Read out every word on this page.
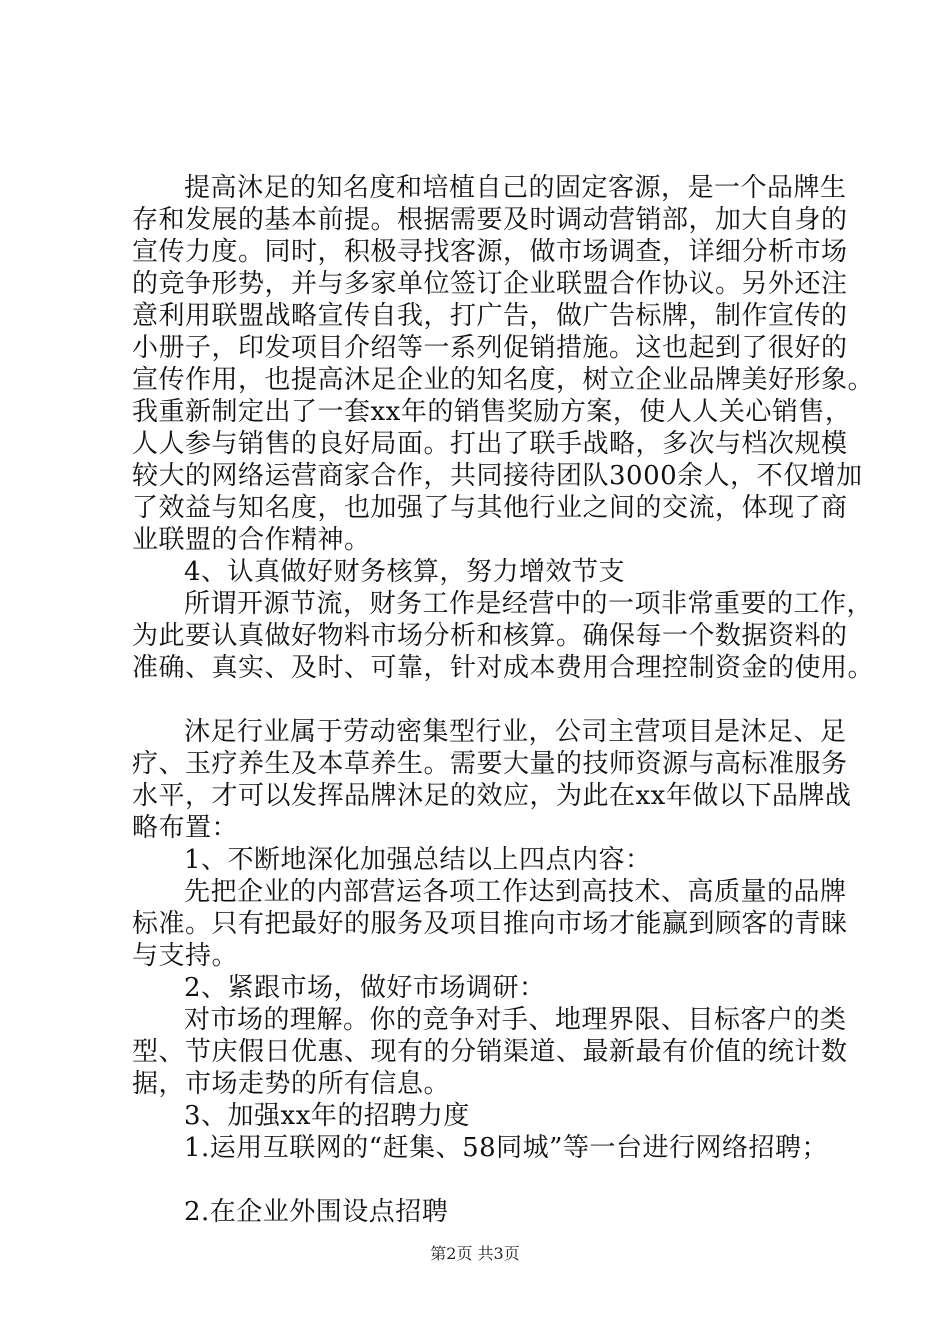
提高沐足的知名度和培植自己的固定客源，是一个品牌生
存和发展的基本前提。根据需要及时调动营销部，加大自身的
宣传力度。同时，积极寻找客源，做市场调查，详细分析市场
的竞争形势，并与多家单位签订企业联盟合作协议。另外还注
意利用联盟战略宣传自我，打广告，做广告标牌，制作宣传的
小册子，印发项目介绍等一系列促销措施。这也起到了很好的
宣传作用，也提高沐足企业的知名度，树立企业品牌美好形象。
我重新制定出了一套xx年的销售奖励方案，使人人关心销售，
人人参与销售的良好局面。打出了联手战略，多次与档次规模
较大的网络运营商家合作，共同接待团队3000余人，不仅增加
了效益与知名度，也加强了与其他行业之间的交流，体现了商
业联盟的合作精神。
4、认真做好财务核算，努力增效节支
所谓开源节流，财务工作是经营中的一项非常重要的工作，
为此要认真做好物料市场分析和核算。确保每一个数据资料的
准确、真实、及时、可靠，针对成本费用合理控制资金的使用。
沐足行业属于劳动密集型行业，公司主营项目是沐足、足
疗、玉疗养生及本草养生。需要大量的技师资源与高标准服务
水平，才可以发挥品牌沐足的效应，为此在xx年做以下品牌战
略布置：
1、不断地深化加强总结以上四点内容：
先把企业的内部营运各项工作达到高技术、高质量的品牌
标准。只有把最好的服务及项目推向市场才能赢到顾客的青睐
与支持。
2、紧跟市场，做好市场调研：
对市场的理解。你的竞争对手、地理界限、目标客户的类
型、节庆假日优惠、现有的分销渠道、最新最有价值的统计数
据，市场走势的所有信息。
3、加强xx年的招聘力度
1.运用互联网的“赶集、58同城”等一台进行网络招聘；
2.在企业外围设点招聘
第2页 共3页
